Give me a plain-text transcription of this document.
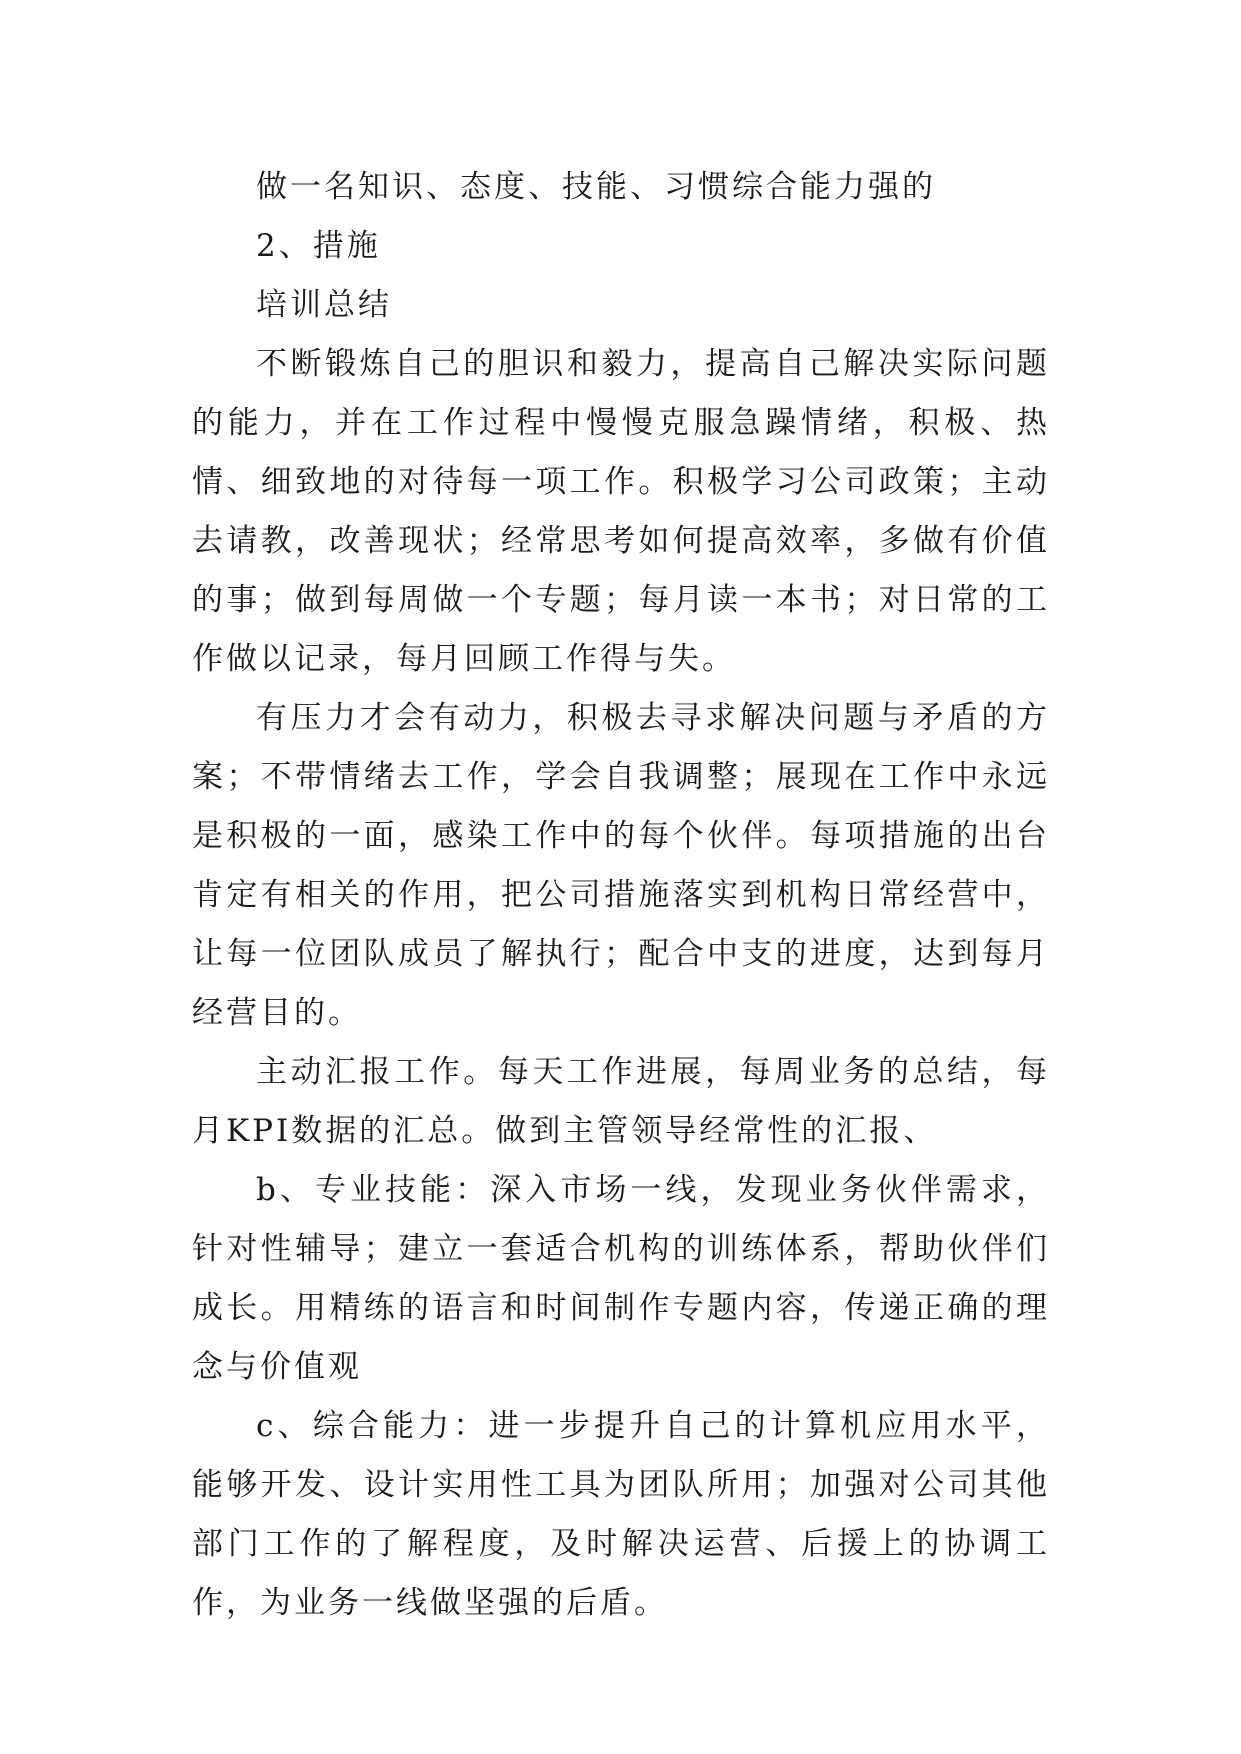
做一名知识、态度、技能、习惯综合能力强的

2、措施

培训总结

不断锻炼自己的胆识和毅力，提高自己解决实际问题的能力，并在工作过程中慢慢克服急躁情绪，积极、热情、细致地的对待每一项工作。积极学习公司政策；主动去请教，改善现状；经常思考如何提高效率，多做有价值的事；做到每周做一个专题；每月读一本书；对日常的工作做以记录，每月回顾工作得与失。

有压力才会有动力，积极去寻求解决问题与矛盾的方案；不带情绪去工作，学会自我调整；展现在工作中永远是积极的一面，感染工作中的每个伙伴。每项措施的出台肯定有相关的作用，把公司措施落实到机构日常经营中，让每一位团队成员了解执行；配合中支的进度，达到每月经营目的。

主动汇报工作。每天工作进展，每周业务的总结，每月KPI数据的汇总。做到主管领导经常性的汇报、

b、专业技能：深入市场一线，发现业务伙伴需求，针对性辅导；建立一套适合机构的训练体系，帮助伙伴们成长。用精练的语言和时间制作专题内容，传递正确的理念与价值观

c、综合能力：进一步提升自己的计算机应用水平，能够开发、设计实用性工具为团队所用；加强对公司其他部门工作的了解程度，及时解决运营、后援上的协调工作，为业务一线做坚强的后盾。
